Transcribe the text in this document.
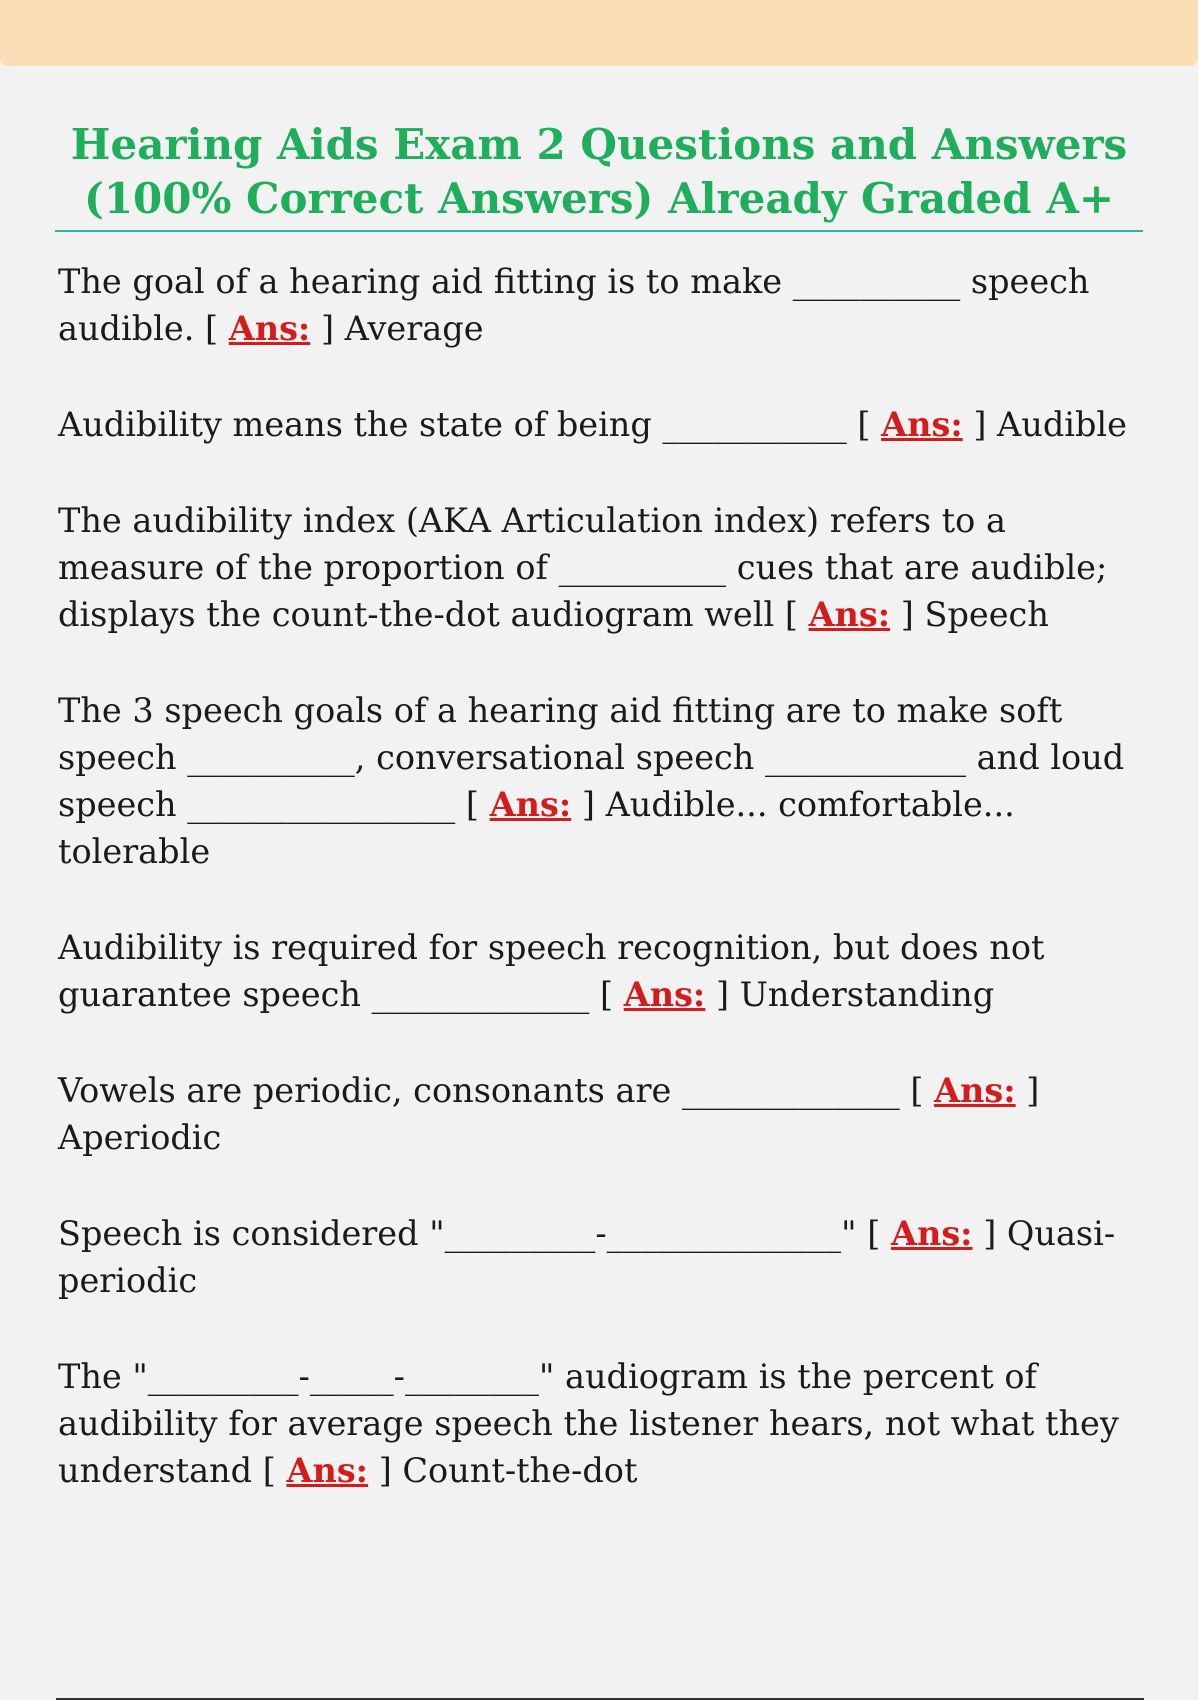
Hearing Aids Exam 2 Questions and Answers (100% Correct Answers) Already Graded A+

The goal of a hearing aid fitting is to make __________ speech audible. [ Ans: ] Average

Audibility means the state of being ___________ [ Ans: ] Audible

The audibility index (AKA Articulation index) refers to a measure of the proportion of __________ cues that are audible; displays the count-the-dot audiogram well [ Ans: ] Speech

The 3 speech goals of a hearing aid fitting are to make soft speech __________, conversational speech ____________ and loud speech ________________ [ Ans: ] Audible... comfortable... tolerable

Audibility is required for speech recognition, but does not guarantee speech _____________ [ Ans: ] Understanding

Vowels are periodic, consonants are _____________ [ Ans: ] Aperiodic

Speech is considered "_________-______________" [ Ans: ] Quasi-periodic

The "_________-_____-________" audiogram is the percent of audibility for average speech the listener hears, not what they understand [ Ans: ] Count-the-dot
